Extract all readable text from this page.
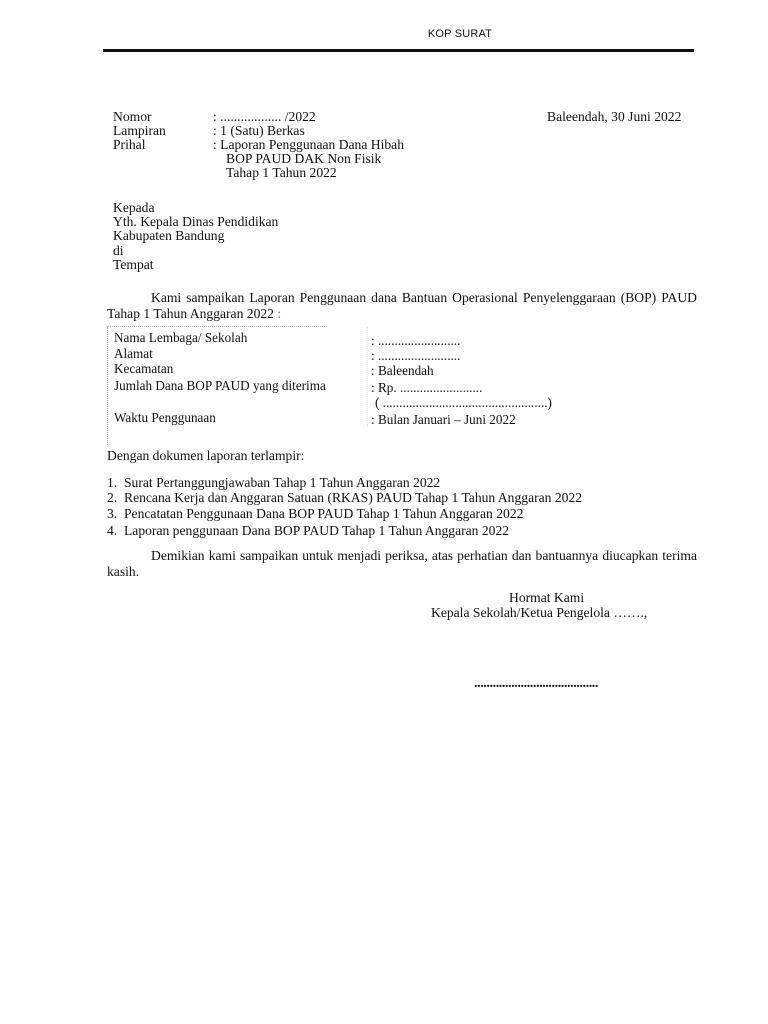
KOP SURAT
Nomor	: .................. /2022	Baleendah, 30 Juni 2022
Lampiran	: 1 (Satu) Berkas
Prihal	: Laporan Penggunaan Dana Hibah
BOP PAUD DAK Non Fisik
Tahap 1 Tahun 2022
Kepada
Yth. Kepala Dinas Pendidikan
Kabupaten Bandung
di
Tempat
Kami sampaikan Laporan Penggunaan dana Bantuan Operasional Penyelenggaraan (BOP) PAUD Tahap 1 Tahun Anggaran 2022 :
Nama Lembaga/ Sekolah	: .........................
Alamat	: .........................
Kecamatan	: Baleendah
Jumlah Dana BOP PAUD yang diterima	: Rp. .........................
( ..................................................)
Waktu Penggunaan	: Bulan Januari – Juni 2022
Dengan dokumen laporan terlampir:
1. Surat Pertanggungjawaban Tahap 1 Tahun Anggaran 2022
2. Rencana Kerja dan Anggaran Satuan (RKAS) PAUD Tahap 1 Tahun Anggaran 2022
3. Pencatatan Penggunaan Dana BOP PAUD Tahap 1 Tahun Anggaran 2022
4. Laporan penggunaan Dana BOP PAUD Tahap 1 Tahun Anggaran 2022
Demikian kami sampaikan untuk menjadi periksa, atas perhatian dan bantuannya diucapkan terima kasih.
Hormat Kami
Kepala Sekolah/Ketua Pengelola …….,
........................................
